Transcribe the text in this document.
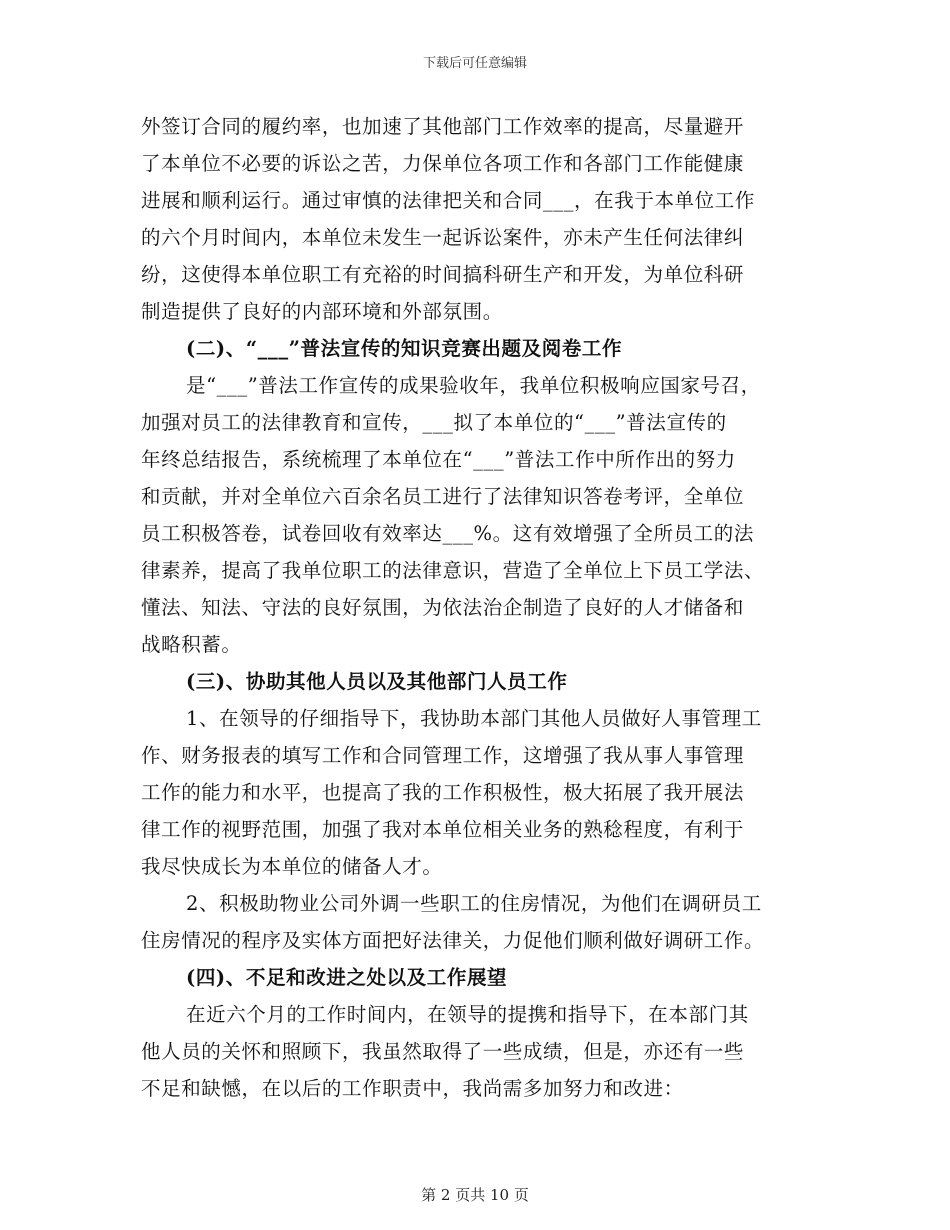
下载后可任意编辑
外签订合同的履约率，也加速了其他部门工作效率的提高，尽量避开
了本单位不必要的诉讼之苦，力保单位各项工作和各部门工作能健康
进展和顺利运行。通过审慎的法律把关和合同___，在我于本单位工作
的六个月时间内，本单位未发生一起诉讼案件，亦未产生任何法律纠
纷，这使得本单位职工有充裕的时间搞科研生产和开发，为单位科研
制造提供了良好的内部环境和外部氛围。
(二)、“___”普法宣传的知识竞赛出题及阅卷工作
是“___”普法工作宣传的成果验收年，我单位积极响应国家号召，
加强对员工的法律教育和宣传，___拟了本单位的“___”普法宣传的
年终总结报告，系统梳理了本单位在“___”普法工作中所作出的努力
和贡献，并对全单位六百余名员工进行了法律知识答卷考评，全单位
员工积极答卷，试卷回收有效率达___%。这有效增强了全所员工的法
律素养，提高了我单位职工的法律意识，营造了全单位上下员工学法、
懂法、知法、守法的良好氛围，为依法治企制造了良好的人才储备和
战略积蓄。
(三)、协助其他人员以及其他部门人员工作
1、在领导的仔细指导下，我协助本部门其他人员做好人事管理工
作、财务报表的填写工作和合同管理工作，这增强了我从事人事管理
工作的能力和水平，也提高了我的工作积极性，极大拓展了我开展法
律工作的视野范围，加强了我对本单位相关业务的熟稔程度，有利于
我尽快成长为本单位的储备人才。
2、积极助物业公司外调一些职工的住房情况，为他们在调研员工
住房情况的程序及实体方面把好法律关，力促他们顺利做好调研工作。
(四)、不足和改进之处以及工作展望
在近六个月的工作时间内，在领导的提携和指导下，在本部门其
他人员的关怀和照顾下，我虽然取得了一些成绩，但是，亦还有一些
不足和缺憾，在以后的工作职责中，我尚需多加努力和改进：
第 2 页共 10 页
